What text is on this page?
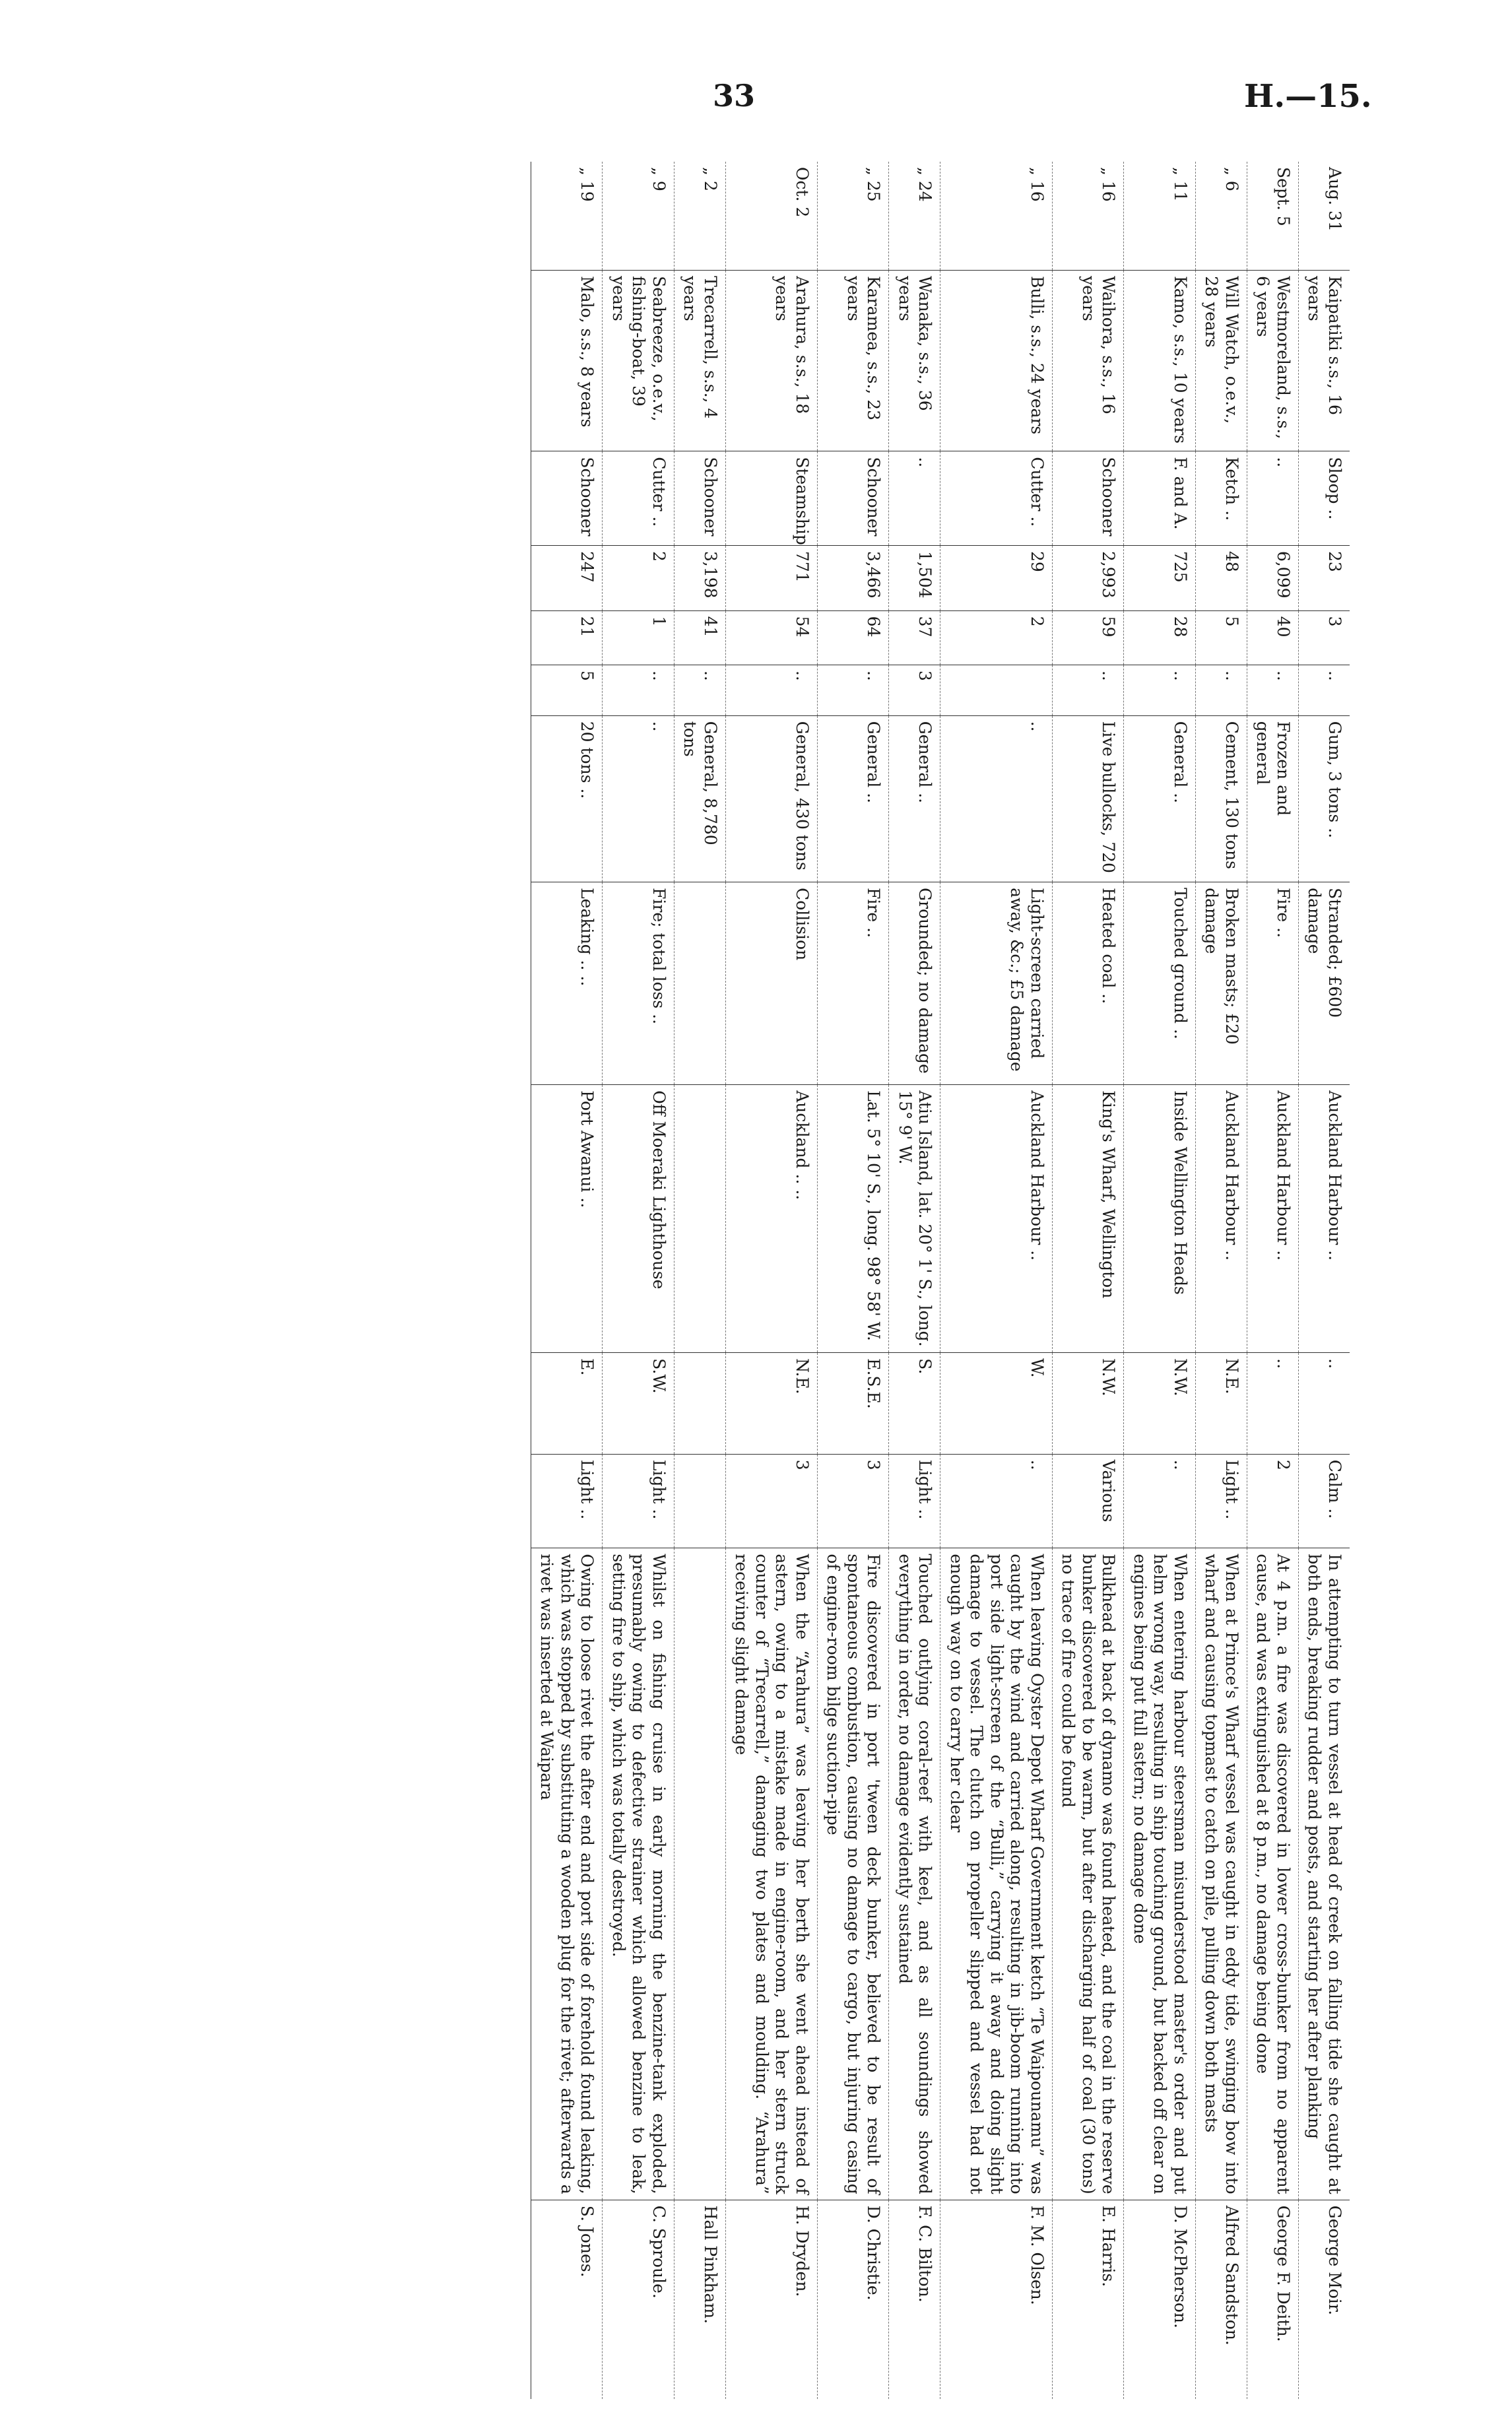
33	H.—15.
Aug. 31	Kaipatiki s.s., 16 years	Sloop ..	23	3	..	Gum, 3 tons ..	Stranded; £600 damage	Auckland Harbour ..	..	Calm ..	In attempting to turn vessel at head of creek on falling tide she caught at both ends, breaking rudder and posts, and starting her after planking	George Moir.
Sept. 5	Westmoreland, s.s., 6 years	..	6,099	40	..	Frozen and general	Fire ..	Auckland Harbour ..	..	2	At 4 p.m. a fire was discovered in lower cross-bunker from no apparent cause, and was extinguished at 8 p.m., no damage being done	George F. Deith.
„ 6	Will Watch, o.e.v., 28 years	Ketch ..	48	5	..	Cement, 130 tons	Broken masts; £20 damage	Auckland Harbour ..	N.E.	Light ..	When at Prince's Wharf vessel was caught in eddy tide, swinging bow into wharf and causing topmast to catch on pile, pulling down both masts	Alfred Sandston.
„ 11	Kamo, s.s., 10 years	F. and A.	725	28	..	General ..	Touched ground ..	Inside Wellington Heads	N.W.	..	When entering harbour steersman misunderstood master's order and put helm wrong way, resulting in ship touching ground, but backed off clear on engines being put full astern; no damage done	D. McPherson.
„ 16	Waihora, s.s., 16 years	Schooner	2,993	59	..	Live bullocks, 720	Heated coal ..	King's Wharf, Wellington	N.W.	Various	Bulkhead at back of dynamo was found heated, and the coal in the reserve bunker discovered to be warm, but after discharging half of coal (30 tons) no trace of fire could be found	E. Harris.
„ 16	Bulli, s.s., 24 years	Cutter ..	29	2		..	Light-screen carried away, &c.; £5 damage	Auckland Harbour ..	W.	..	When leaving Oyster Depot Wharf Government ketch “Te Waipounamu” was caught by the wind and carried along, resulting in jib-boom running into port side light-screen of the “Bulli,” carrying it away and doing slight damage to vessel. The clutch on propeller slipped and vessel had not enough way on to carry her clear	F. M. Olsen.
„ 24	Wanaka, s.s., 36 years	..	1,504	37	3	General ..	Grounded; no damage	Atiu Island, lat. 20° 1' S., long. 15° 9' W.	S.	Light ..	Touched outlying coral-reef with keel, and as all soundings showed everything in order, no damage evidently sustained	F. C. Bilton.
„ 25	Karamea, s.s., 23 years	Schooner	3,466	64	..	General ..	Fire ..	Lat. 5° 10' S., long. 98° 58' W.	E.S.E.	3	Fire discovered in port 'tween deck bunker, believed to be result of spontaneous combustion, causing no damage to cargo, but injuring casing of engine-room bilge suction-pipe	D. Christie.
Oct. 2	Arahura, s.s., 18 years	Steamship	771	54	..	General, 430 tons	Collision	Auckland .. ..	N.E.	3	When the “Arahura” was leaving her berth she went ahead instead of astern, owing to a mistake made in engine-room, and her stern struck counter of “Trecarrell,” damaging two plates and moulding. “Arahura” receiving slight damage	H. Dryden.
„ 2	Trecarrell, s.s., 4 years	Schooner	3,198	41	..	General, 8,780 tons						Hall Pinkham.
„ 9	Seabreeze, o.e.v., fishing-boat, 39 years	Cutter ..	2	1	..	..	Fire; total loss ..	Off Moeraki Lighthouse	S.W.	Light ..	Whilst on fishing cruise in early morning the benzine-tank exploded, presumably owing to defective strainer which allowed benzine to leak, setting fire to ship, which was totally destroyed.	C. Sproule.
„ 19	Malo, s.s., 8 years	Schooner	247	21	5	20 tons ..	Leaking .. ..	Port Awanui ..	E.	Light ..	Owing to loose rivet the after end and port side of forehold found leaking, which was stopped by substituting a wooden plug for the rivet; afterwards a rivet was inserted at Waipara	S. Jones.
